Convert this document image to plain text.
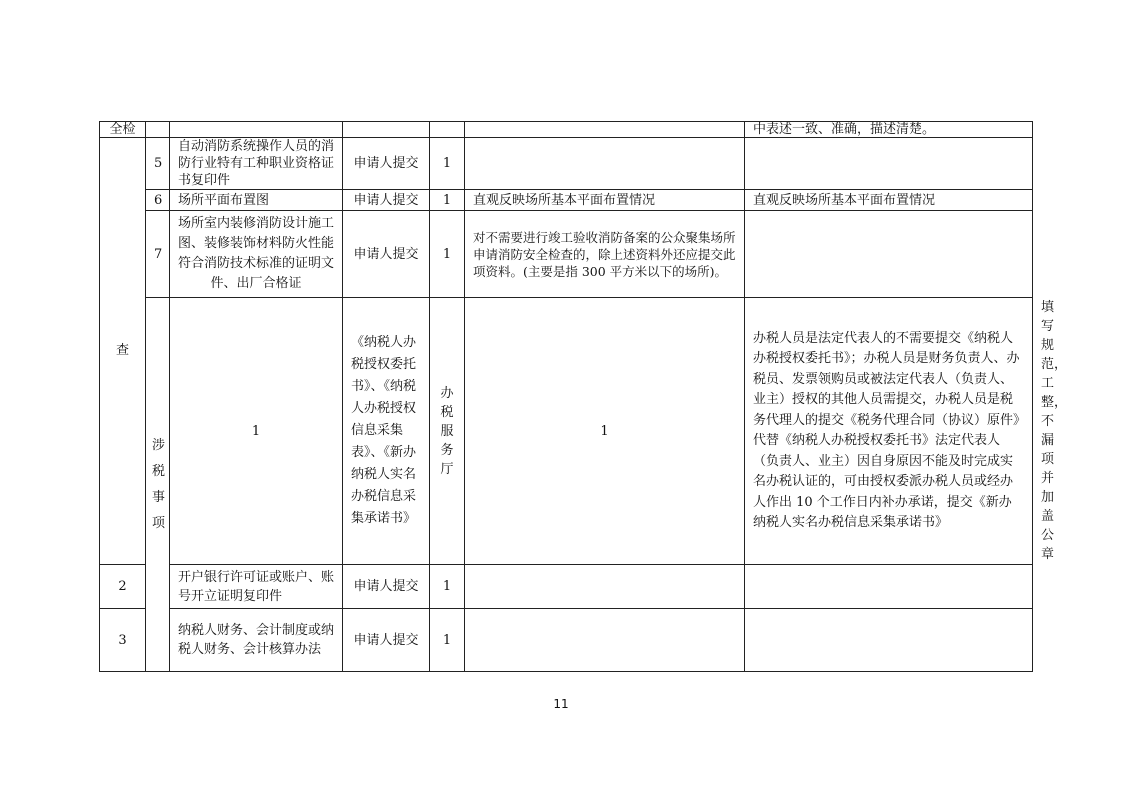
全检						中表述一致、准确，描述清楚。	
查	5	自动消防系统操作人员的消防行业特有工种职业资格证书复印件	申请人提交	1			
	6	场所平面布置图	申请人提交	1	直观反映场所基本平面布置情况	直观反映场所基本平面布置情况	
	7	场所室内装修消防设计施工图、装修装饰材料防火性能符合消防技术标准的证明文件、出厂合格证	申请人提交	1	对不需要进行竣工验收消防备案的公众聚集场所申请消防安全检查的，除上述资料外还应提交此项资料。(主要是指 300 平方米以下的场所)。		
	涉税事项	1	《纳税人办税授权委托书》、《纳税人办税授权信息采集表》、《新办纳税人实名办税信息采集承诺书》	办税服务厅	1	办税人员是法定代表人的不需要提交《纳税人办税授权委托书》；办税人员是财务负责人、办税员、发票领购员或被法定代表人（负责人、业主）授权的其他人员需提交，办税人员是税务代理人的提交《税务代理合同（协议）原件》代替《纳税人办税授权委托书》法定代表人（负责人、业主）因自身原因不能及时完成实名办税认证的，可由授权委派办税人员或经办人作出 10 个工作日内补办承诺，提交《新办纳税人实名办税信息采集承诺书》	填写规范，工整，不漏项并加盖公章
2		开户银行许可证或账户、账号开立证明复印件	申请人提交	1			
3		纳税人财务、会计制度或纳税人财务、会计核算办法	申请人提交	1			
11
